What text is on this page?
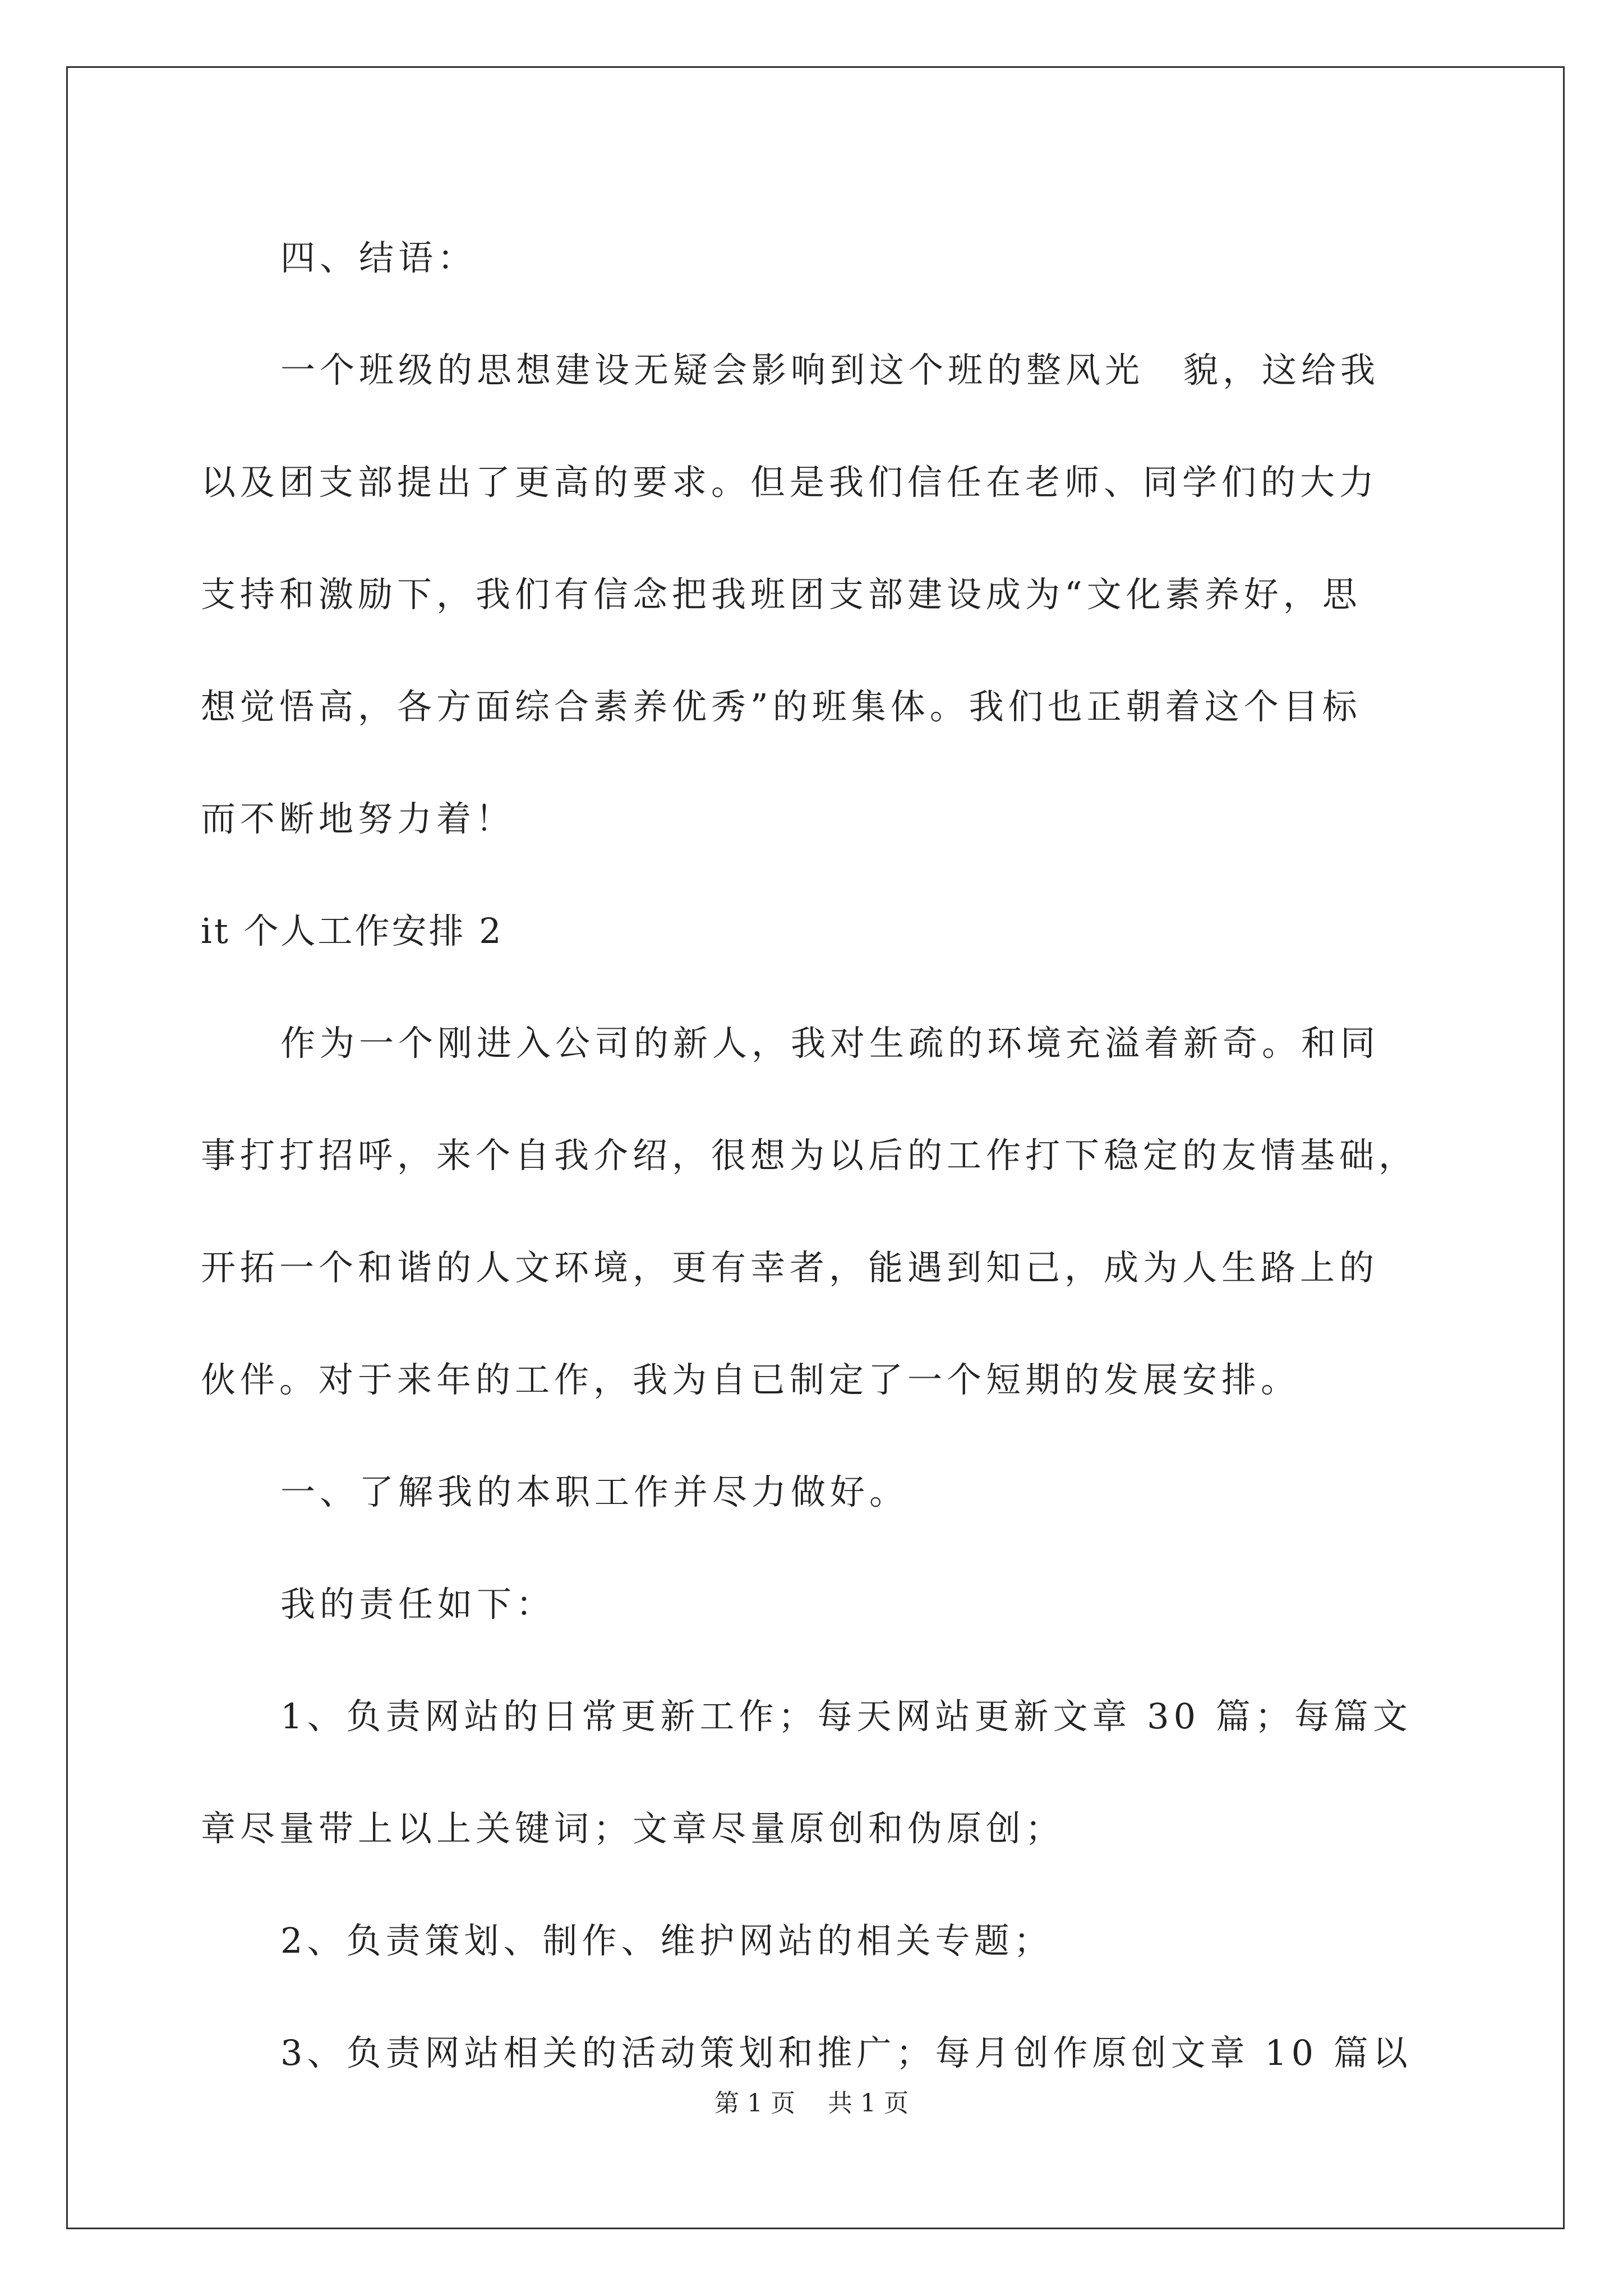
四、结语：
一个班级的思想建设无疑会影响到这个班的整风光　貌，这给我
以及团支部提出了更高的要求。但是我们信任在老师、同学们的大力
支持和激励下，我们有信念把我班团支部建设成为“文化素养好，思
想觉悟高，各方面综合素养优秀”的班集体。我们也正朝着这个目标
而不断地努力着！
it 个人工作安排 2
作为一个刚进入公司的新人，我对生疏的环境充溢着新奇。和同
事打打招呼，来个自我介绍，很想为以后的工作打下稳定的友情基础，
开拓一个和谐的人文环境，更有幸者，能遇到知己，成为人生路上的
伙伴。对于来年的工作，我为自已制定了一个短期的发展安排。
一、了解我的本职工作并尽力做好。
我的责任如下：
1、负责网站的日常更新工作；每天网站更新文章 30 篇；每篇文
章尽量带上以上关键词；文章尽量原创和伪原创；
2、负责策划、制作、维护网站的相关专题；
3、负责网站相关的活动策划和推广；每月创作原创文章 10 篇以
第 1 页　 共 1 页
